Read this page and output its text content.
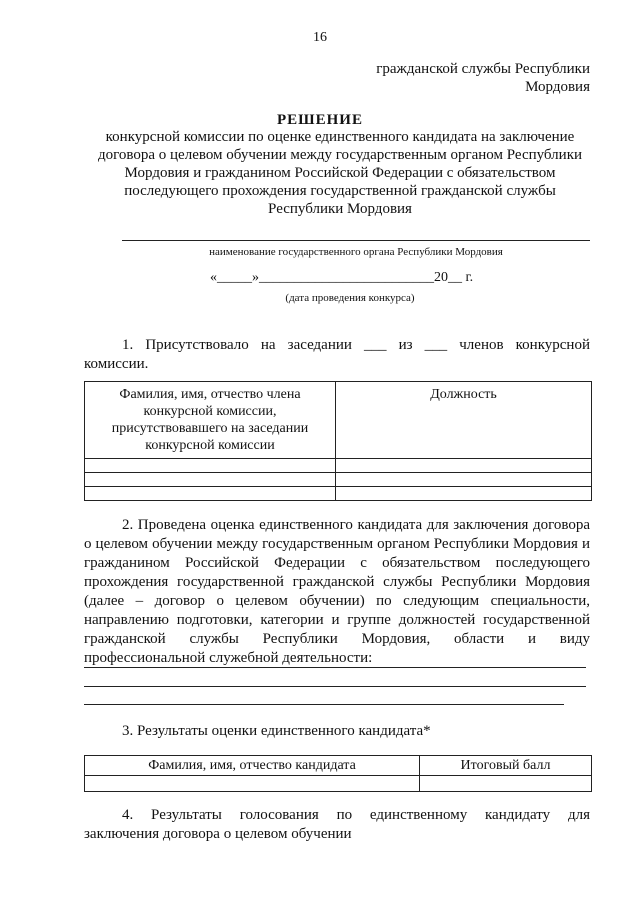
16
гражданской службы Республики
Мордовия
РЕШЕНИЕ
конкурсной комиссии по оценке единственного кандидата на заключение
договора о целевом обучении между государственным органом Республики
Мордовия и гражданином Российской Федерации с обязательством
последующего прохождения государственной гражданской службы
Республики Мордовия
наименование государственного органа Республики Мордовия
«_____»_________________________20__ г.
(дата проведения конкурса)
1. Присутствовало на заседании ___ из ___ членов конкурсной
комиссии.
Фамилия, имя, отчество члена конкурсной комиссии, присутствовавшего на заседании конкурсной комиссии	Должность

2. Проведена оценка единственного кандидата для заключения договора о целевом обучении между государственным органом Республики Мордовия и гражданином Российской Федерации с обязательством последующего прохождения государственной гражданской службы Республики Мордовия (далее – договор о целевом обучении) по следующим специальности, направлению подготовки, категории и группе должностей государственной гражданской службы Республики Мордовия, области и виду профессиональной служебной деятельности:
3. Результаты оценки единственного кандидата*
Фамилия, имя, отчество кандидата	Итоговый балл

4. Результаты голосования по единственному кандидату для
заключения договора о целевом обучении
